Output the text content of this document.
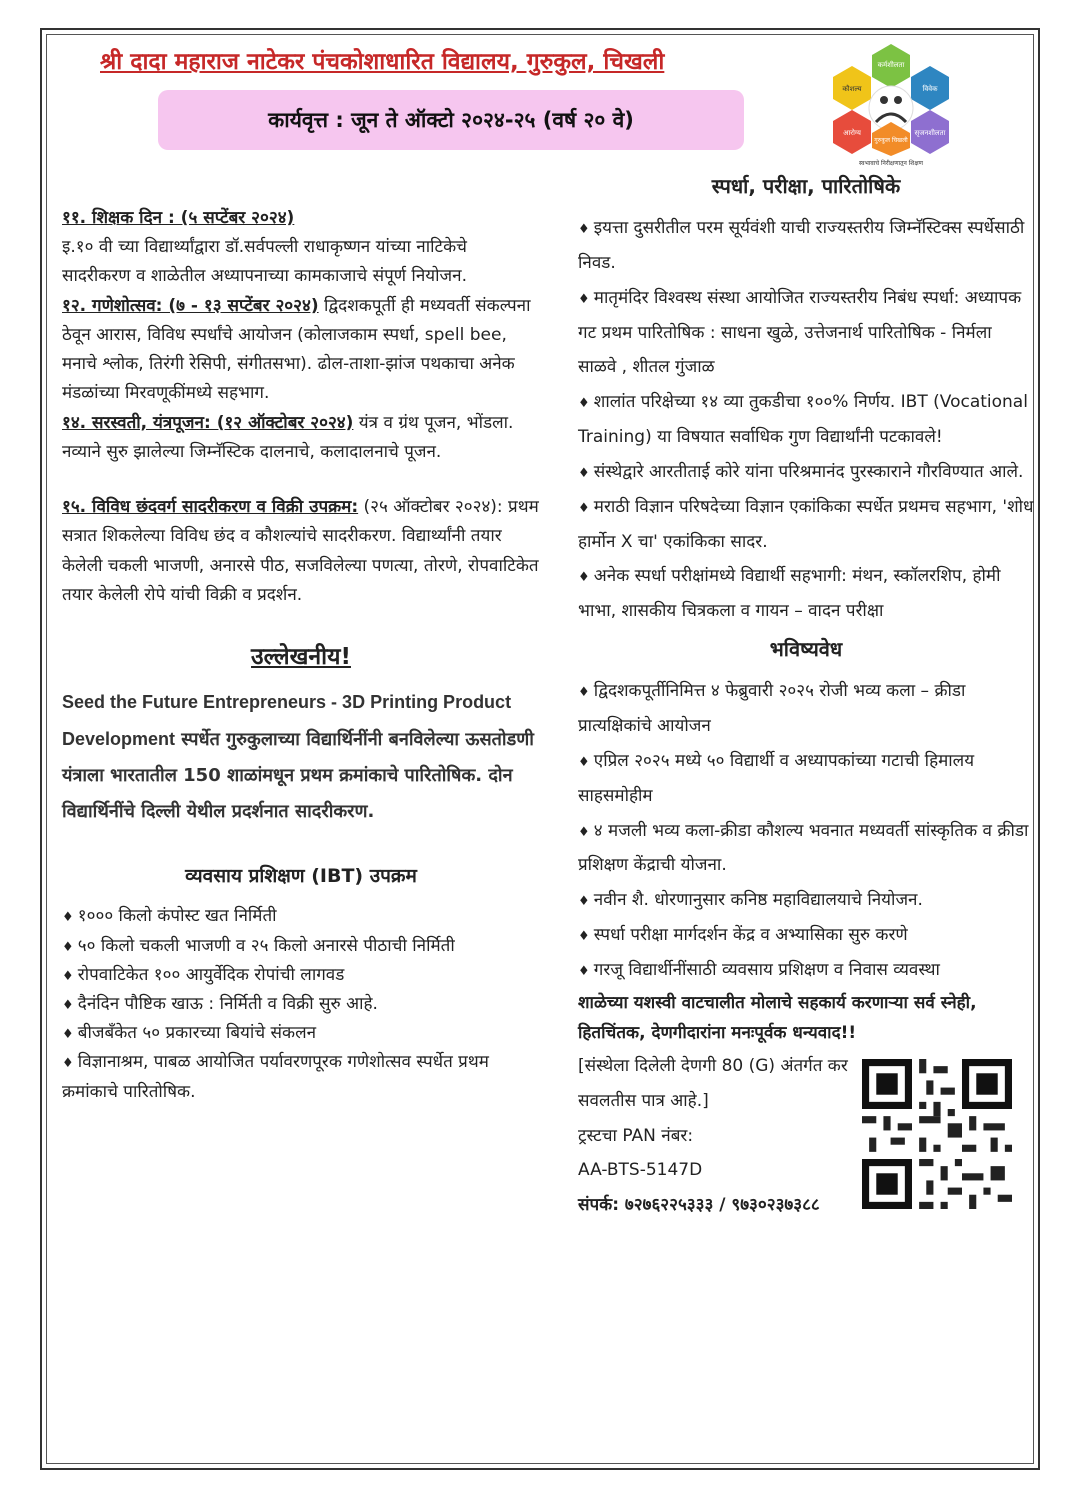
श्री दादा महाराज नाटेकर पंचकोशाधारित विद्यालय, गुरुकुल, चिखली
कार्यवृत्त : जून ते ऑक्टो २०२४-२५ (वर्ष २० वे)
कर्मशीलता
कौशल्य	विवेक
आरोग्य	सृजनशीलता
गुरुकुल चिखली
स्वभावाचे निरीक्षणातून शिक्षण

११. शिक्षक दिन : (५ सप्टेंबर २०२४)
इ.१० वी च्या विद्यार्थ्यांद्वारा डॉ.सर्वपल्ली राधाकृष्णन यांच्या नाटिकेचे सादरीकरण व शाळेतील अध्यापनाच्या कामकाजाचे संपूर्ण नियोजन.

१२. गणेशोत्सव: (७ - १३ सप्टेंबर २०२४) द्विदशकपूर्ती ही मध्यवर्ती संकल्पना ठेवून आरास, विविध स्पर्धांचे आयोजन (कोलाजकाम स्पर्धा, spell bee, मनाचे श्लोक, तिरंगी रेसिपी, संगीतसभा). ढोल-ताशा-झांज पथकाचा अनेक मंडळांच्या मिरवणूकींमध्ये सहभाग.

१४. सरस्वती, यंत्रपूजन: (१२ ऑक्टोबर २०२४) यंत्र व ग्रंथ पूजन, भोंडला. नव्याने सुरु झालेल्या जिम्नॅस्टिक दालनाचे, कलादालनाचे पूजन.

१५. विविध छंदवर्ग सादरीकरण व विक्री उपक्रम: (२५ ऑक्टोबर २०२४): प्रथम सत्रात शिकलेल्या विविध छंद व कौशल्यांचे सादरीकरण. विद्यार्थ्यांनी तयार केलेली चकली भाजणी, अनारसे पीठ, सजविलेल्या पणत्या, तोरणे, रोपवाटिकेत तयार केलेली रोपे यांची विक्री व प्रदर्शन.

उल्लेखनीय!

Seed the Future Entrepreneurs - 3D Printing Product Development स्पर्धेत गुरुकुलाच्या विद्यार्थिनींनी बनविलेल्या ऊसतोडणी यंत्राला भारतातील 150 शाळांमधून प्रथम क्रमांकाचे पारितोषिक. दोन विद्यार्थिनींचे दिल्ली येथील प्रदर्शनात सादरीकरण.

व्यवसाय प्रशिक्षण (IBT) उपक्रम

♦ १००० किलो कंपोस्ट खत निर्मिती

♦ ५० किलो चकली भाजणी व २५ किलो अनारसे पीठाची निर्मिती

♦ रोपवाटिकेत १०० आयुर्वेदिक रोपांची लागवड

♦ दैनंदिन पौष्टिक खाऊ : निर्मिती व विक्री सुरु आहे.

♦ बीजबँकेत ५० प्रकारच्या बियांचे संकलन

♦ विज्ञानाश्रम, पाबळ आयोजित पर्यावरणपूरक गणेशोत्सव स्पर्धेत प्रथम क्रमांकाचे पारितोषिक.

स्पर्धा, परीक्षा, पारितोषिके

♦ इयत्ता दुसरीतील परम सूर्यवंशी याची राज्यस्तरीय जिम्नॅस्टिक्स स्पर्धेसाठी निवड.

♦ मातृमंदिर विश्वस्थ संस्था आयोजित राज्यस्तरीय निबंध स्पर्धा: अध्यापक गट प्रथम पारितोषिक : साधना खुळे, उत्तेजनार्थ पारितोषिक - निर्मला साळवे , शीतल गुंजाळ

♦ शालांत परिक्षेच्या १४ व्या तुकडीचा १००% निर्णय. IBT (Vocational Training) या विषयात सर्वाधिक गुण विद्यार्थांनी पटकावले!

♦ संस्थेद्वारे आरतीताई कोरे यांना परिश्रमानंद पुरस्काराने गौरविण्यात आले.

♦ मराठी विज्ञान परिषदेच्या विज्ञान एकांकिका स्पर्धेत प्रथमच सहभाग, 'शोध हार्मोन X चा' एकांकिका सादर.

♦ अनेक स्पर्धा परीक्षांमध्ये विद्यार्थी सहभागी: मंथन, स्कॉलरशिप, होमी भाभा, शासकीय चित्रकला व गायन – वादन परीक्षा

भविष्यवेध

♦ द्विदशकपूर्तीनिमित्त ४ फेब्रुवारी २०२५ रोजी भव्य कला – क्रीडा प्रात्यक्षिकांचे आयोजन

♦ एप्रिल २०२५ मध्ये ५० विद्यार्थी व अध्यापकांच्या गटाची हिमालय साहसमोहीम

♦ ४ मजली भव्य कला-क्रीडा कौशल्य भवनात मध्यवर्ती सांस्कृतिक व क्रीडा प्रशिक्षण केंद्राची योजना.

♦ नवीन शै. धोरणानुसार कनिष्ठ महाविद्यालयाचे नियोजन.

♦ स्पर्धा परीक्षा मार्गदर्शन केंद्र व अभ्यासिका सुरु करणे

♦ गरजू विद्यार्थीनींसाठी व्यवसाय प्रशिक्षण व निवास व्यवस्था

शाळेच्या यशस्वी वाटचालीत मोलाचे सहकार्य करणाऱ्या सर्व स्नेही, हितचिंतक, देणगीदारांना मनःपूर्वक धन्यवाद!!

[संस्थेला दिलेली देणगी 80 (G) अंतर्गत कर सवलतीस पात्र आहे.]

ट्रस्टचा PAN नंबर:

AA-BTS-5147D

संपर्क: ७२७६२२५३३३ / ९७३०२३७३८८
